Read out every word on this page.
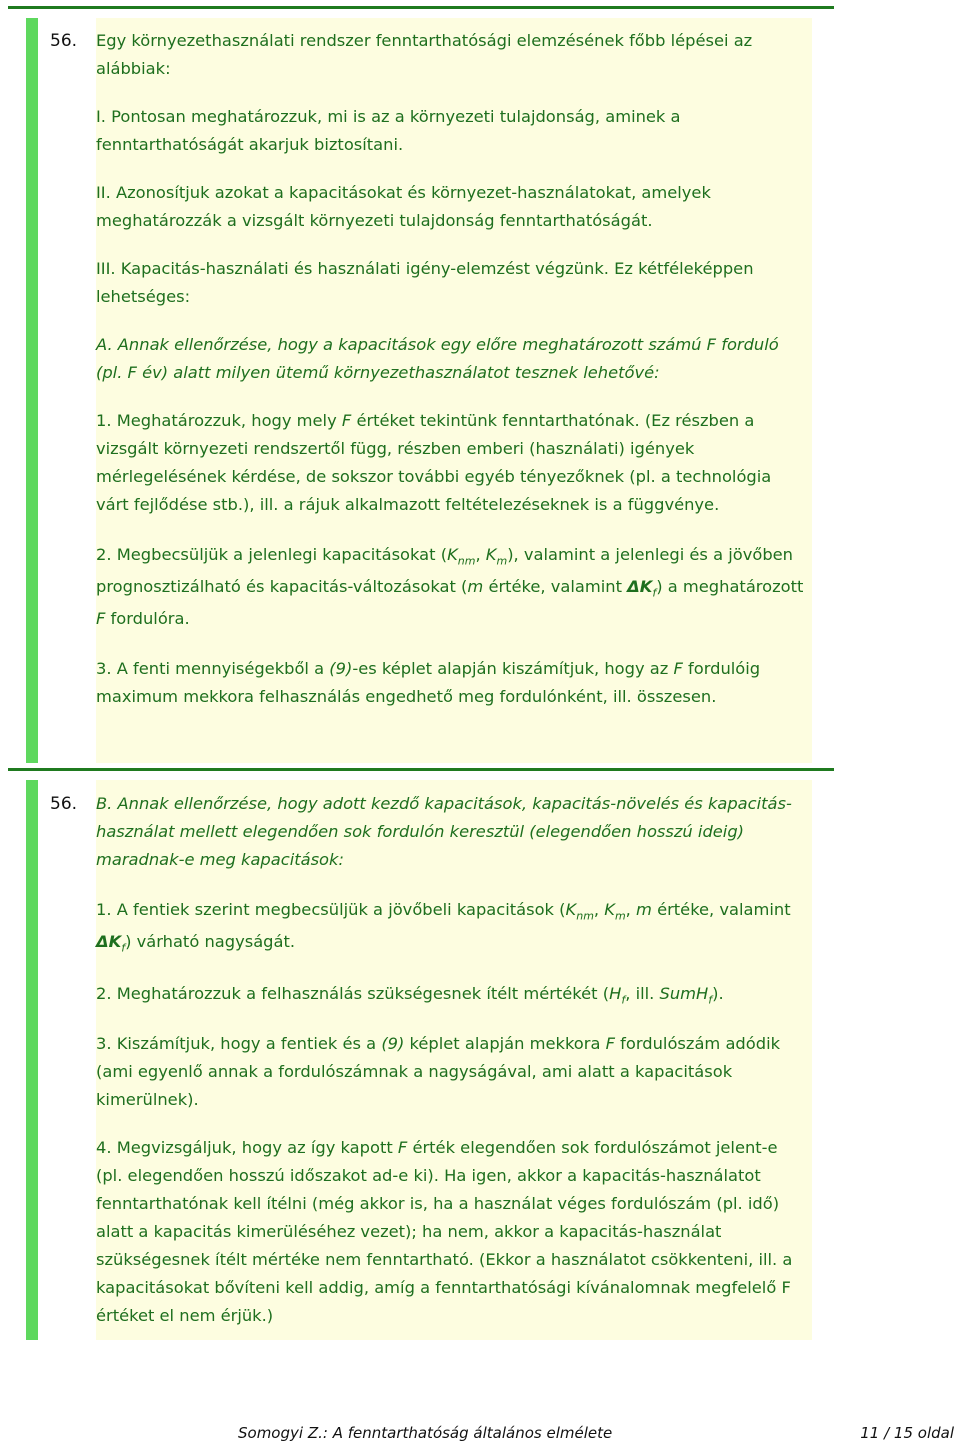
56. Egy környezethasználati rendszer fenntarthatósági elemzésének főbb lépései az alábbiak:

I. Pontosan meghatározzuk, mi is az a környezeti tulajdonság, aminek a fenntarthatóságát akarjuk biztosítani.

II. Azonosítjuk azokat a kapacitásokat és környezet-használatokat, amelyek meghatározzák a vizsgált környezeti tulajdonság fenntarthatóságát.

III. Kapacitás-használati és használati igény-elemzést végzünk. Ez kétféleképpen lehetséges:

A. Annak ellenőrzése, hogy a kapacitások egy előre meghatározott számú F forduló (pl. F év) alatt milyen ütemű környezethasználatot tesznek lehetővé:

1. Meghatározzuk, hogy mely F értéket tekintünk fenntarthatónak. (Ez részben a vizsgált környezeti rendszertől függ, részben emberi (használati) igények mérlegelésének kérdése, de sokszor további egyéb tényezőknek (pl. a technológia várt fejlődése stb.), ill. a rájuk alkalmazott feltételezéseknek is a függvénye.

2. Megbecsüljük a jelenlegi kapacitásokat ($K_{nm}$, $K_m$), valamint a jelenlegi és a jövőben prognosztizálható és kapacitás-változásokat (m értéke, valamint $\Delta K_f$) a meghatározott F fordulóra.

3. A fenti mennyiségekből a (9)-es képlet alapján kiszámítjuk, hogy az F fordulóig maximum mekkora felhasználás engedhető meg fordulónként, ill. összesen.

56. B. Annak ellenőrzése, hogy adott kezdő kapacitások, kapacitás-növelés és kapacitás-használat mellett elegendően sok fordulón keresztül (elegendően hosszú ideig) maradnak-e meg kapacitások:

1. A fentiek szerint megbecsüljük a jövőbeli kapacitások ($K_{nm}$, $K_m$, m értéke, valamint $\Delta K_f$) várható nagyságát.

2. Meghatározzuk a felhasználás szükségesnek ítélt mértékét ($H_f$, ill. SumH$_f$).

3. Kiszámítjuk, hogy a fentiek és a (9) képlet alapján mekkora F fordulószám adódik (ami egyenlő annak a fordulószámnak a nagyságával, ami alatt a kapacitások kimerülnek).

4. Megvizsgáljuk, hogy az így kapott F érték elegendően sok fordulószámot jelent-e (pl. elegendően hosszú időszakot ad-e ki). Ha igen, akkor a kapacitás-használatot fenntarthatónak kell ítélni (még akkor is, ha a használat véges fordulószám (pl. idő) alatt a kapacitás kimerüléséhez vezet); ha nem, akkor a kapacitás-használat szükségesnek ítélt mértéke nem fenntartható. (Ekkor a használatot csökkenteni, ill. a kapacitásokat bővíteni kell addig, amíg a fenntarthatósági kívánalomnak megfelelő F értéket el nem érjük.)

Somogyi Z.: A fenntarthatóság általános elmélete	11 / 15 oldal
